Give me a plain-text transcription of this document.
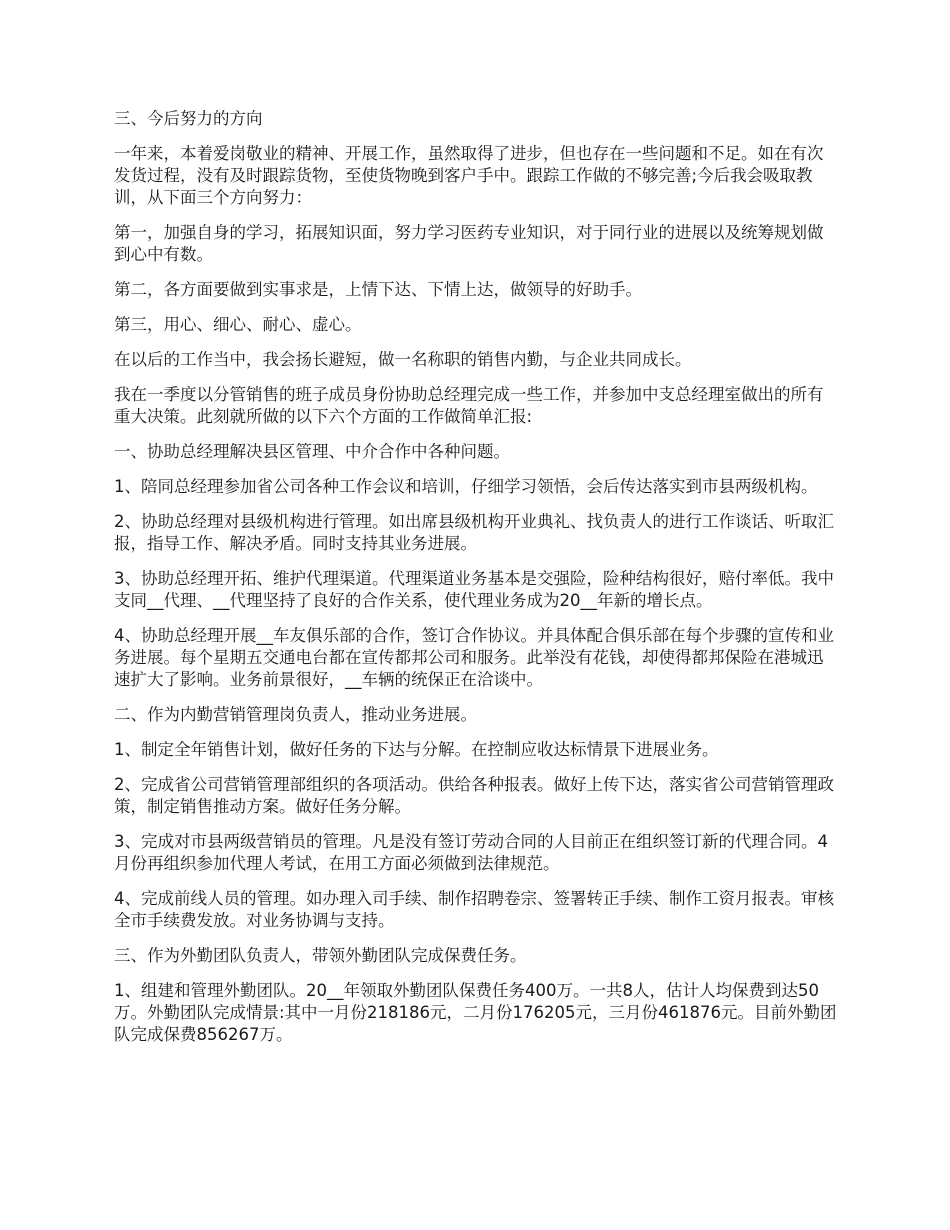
三、今后努力的方向

一年来，本着爱岗敬业的精神、开展工作，虽然取得了进步，但也存在一些问题和不足。如在有次发货过程，没有及时跟踪货物，至使货物晚到客户手中。跟踪工作做的不够完善;今后我会吸取教训，从下面三个方向努力：

第一，加强自身的学习，拓展知识面，努力学习医药专业知识，对于同行业的进展以及统筹规划做到心中有数。

第二，各方面要做到实事求是，上情下达、下情上达，做领导的好助手。

第三，用心、细心、耐心、虚心。

在以后的工作当中，我会扬长避短，做一名称职的销售内勤，与企业共同成长。

我在一季度以分管销售的班子成员身份协助总经理完成一些工作，并参加中支总经理室做出的所有重大决策。此刻就所做的以下六个方面的工作做简单汇报:

一、协助总经理解决县区管理、中介合作中各种问题。

1、陪同总经理参加省公司各种工作会议和培训，仔细学习领悟，会后传达落实到市县两级机构。

2、协助总经理对县级机构进行管理。如出席县级机构开业典礼、找负责人的进行工作谈话、听取汇报，指导工作、解决矛盾。同时支持其业务进展。

3、协助总经理开拓、维护代理渠道。代理渠道业务基本是交强险，险种结构很好，赔付率低。我中支同__代理、__代理坚持了良好的合作关系，使代理业务成为20__年新的增长点。

4、协助总经理开展__车友俱乐部的合作，签订合作协议。并具体配合俱乐部在每个步骤的宣传和业务进展。每个星期五交通电台都在宣传都邦公司和服务。此举没有花钱，却使得都邦保险在港城迅速扩大了影响。业务前景很好，__车辆的统保正在洽谈中。

二、作为内勤营销管理岗负责人，推动业务进展。

1、制定全年销售计划，做好任务的下达与分解。在控制应收达标情景下进展业务。

2、完成省公司营销管理部组织的各项活动。供给各种报表。做好上传下达，落实省公司营销管理政策，制定销售推动方案。做好任务分解。

3、完成对市县两级营销员的管理。凡是没有签订劳动合同的人目前正在组织签订新的代理合同。4月份再组织参加代理人考试，在用工方面必须做到法律规范。

4、完成前线人员的管理。如办理入司手续、制作招聘卷宗、签署转正手续、制作工资月报表。审核全市手续费发放。对业务协调与支持。

三、作为外勤团队负责人，带领外勤团队完成保费任务。

1、组建和管理外勤团队。20__年领取外勤团队保费任务400万。一共8人，估计人均保费到达50万。外勤团队完成情景:其中一月份218186元，二月份176205元，三月份461876元。目前外勤团队完成保费856267万。
